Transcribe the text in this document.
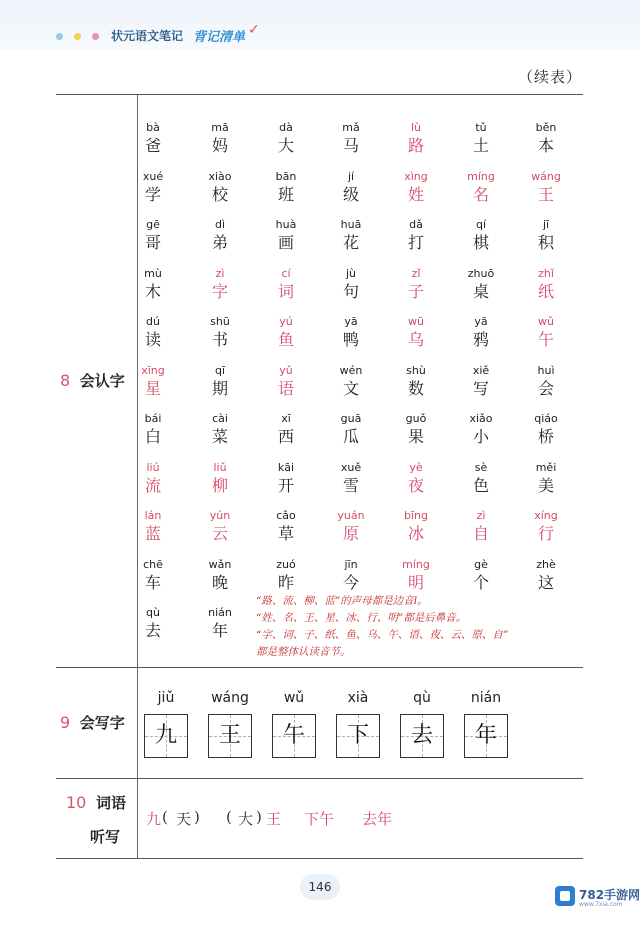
状元语文笔记 背记清单 ✓
（续表）
8 会认字
bà
爸
mā
妈
dà
大
mǎ
马
lù
路
tǔ
土
běn
本
xué
学
xiào
校
bān
班
jí
级
xìng
姓
míng
名
wáng
王
gē
哥
dì
弟
huà
画
huā
花
dǎ
打
qí
棋
jī
积
mù
木
zì
字
cí
词
jù
句
zǐ
子
zhuō
桌
zhǐ
纸
dú
读
shū
书
yú
鱼
yā
鸭
wū
乌
yā
鸦
wǔ
午
xīng
星
qī
期
yǔ
语
wén
文
shù
数
xiě
写
huì
会
bái
白
cài
菜
xī
西
guā
瓜
guǒ
果
xiǎo
小
qiáo
桥
liú
流
liǔ
柳
kāi
开
xuě
雪
yè
夜
sè
色
měi
美
lán
蓝
yún
云
cǎo
草
yuán
原
bīng
冰
zì
自
xíng
行
chē
车
wǎn
晚
zuó
昨
jīn
今
míng
明
gè
个
zhè
这
qù
去
nián
年
“路、流、柳、蓝”的声母都是边音l。
“姓、名、王、星、冰、行、明”都是后鼻音。
“字、词、子、纸、鱼、乌、午、语、夜、云、原、自”
都是整体认读音节。
9 会写字
jiǔ
九
wáng
王
wǔ
午
xià
下
qù
去
nián
年
10 词语
听写
九 ( 天 ) ( 大 ) 王 下午 去年
146
782手游网
www.7xia.com
